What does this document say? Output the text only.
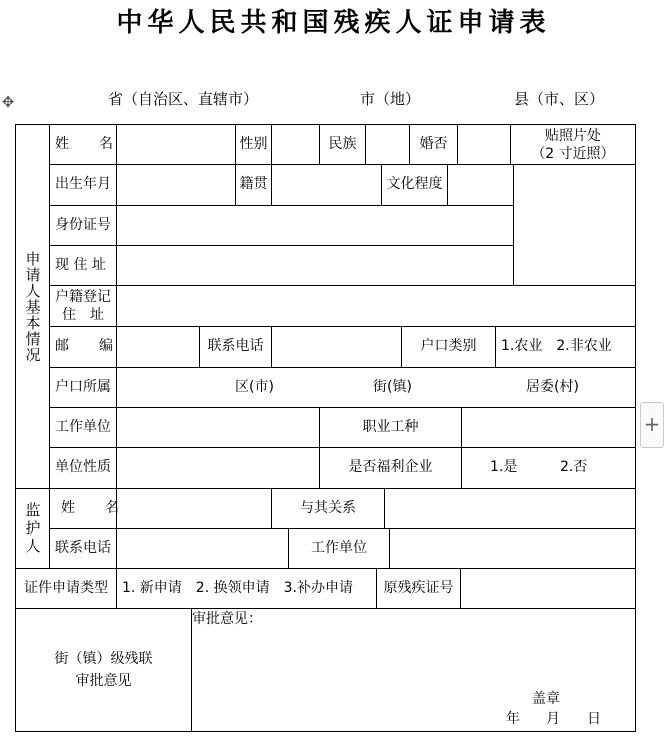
中华人民共和国残疾人证申请表
省（自治区、直辖市）	市（地）	县（市、区）
✥
+
申请人基本情况
姓名	性别	民族	婚否
贴照片处
（2 寸近照）
出生年月	籍贯	文化程度
身份证号
现 住 址
户籍登记
住　址
邮编	联系电话	户口类别	1.农业　2.非农业
户口所属	区(市)	街(镇)	居委(村)
工作单位	职业工种
单位性质	是否福利企业	1.是	2.否
监护人	姓名	与其关系
联系电话	工作单位
证件申请类型	1. 新申请　2. 换领申请　3.补办申请	原残疾证号
街（镇）级残联
审批意见
审批意见：
盖章
年 月 日
